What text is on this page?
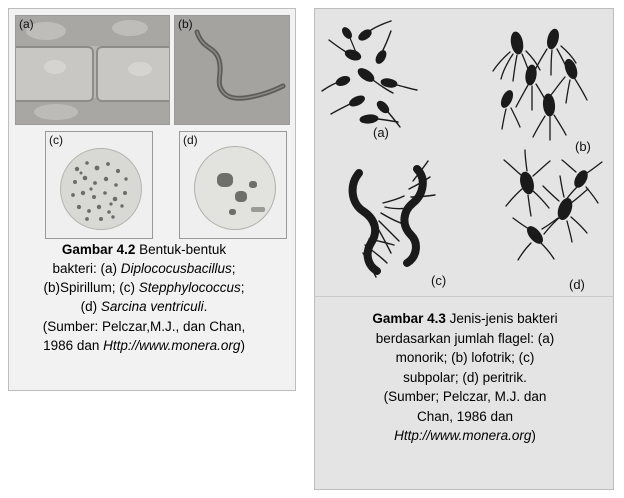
(a)	(b)
(c)	(d)
Gambar 4.2 Bentuk-bentuk
bakteri: (a) Diplococusbacillus;
(b)Spirillum; (c) Stepphylococcus;
(d) Sarcina ventriculi.
(Sumber: Pelczar,M.J., dan Chan,
1986 dan Http://www.monera.org)
(a)
(b)
(c)	(d)
Gambar 4.3 Jenis-jenis bakteri
berdasarkan jumlah flagel: (a)
monorik; (b) lofotrik; (c)
subpolar; (d) peritrik.
(Sumber; Pelczar, M.J. dan
Chan, 1986 dan
Http://www.monera.org)
